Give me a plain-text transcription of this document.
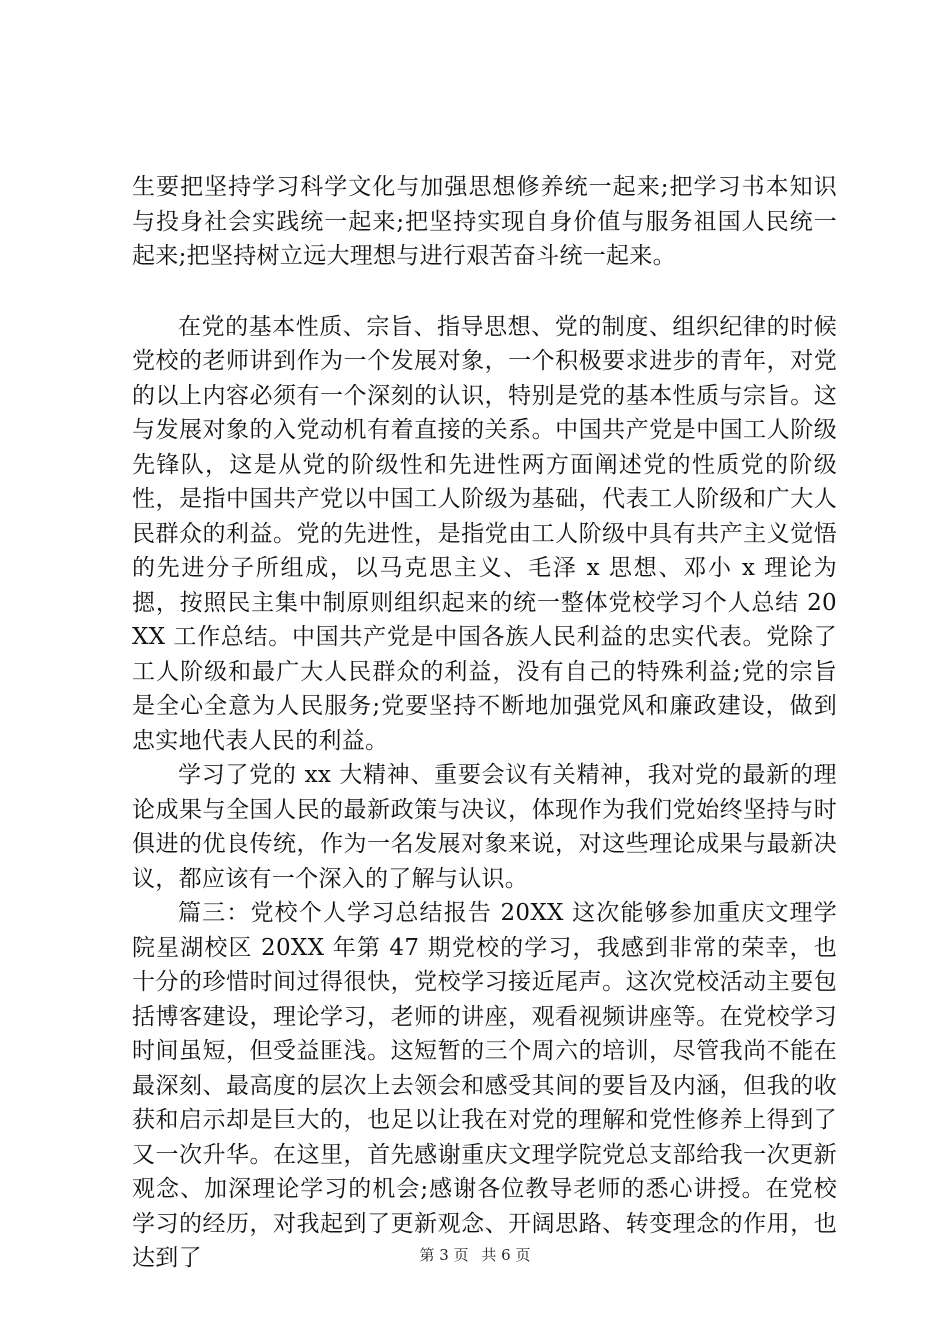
生要把坚持学习科学文化与加强思想修养统一起来;把学习书本知识与投身社会实践统一起来;把坚持实现自身价值与服务祖国人民统一起来;把坚持树立远大理想与进行艰苦奋斗统一起来。

在党的基本性质、宗旨、指导思想、党的制度、组织纪律的时候党校的老师讲到作为一个发展对象，一个积极要求进步的青年，对党的以上内容必须有一个深刻的认识，特别是党的基本性质与宗旨。这与发展对象的入党动机有着直接的关系。中国共产党是中国工人阶级先锋队，这是从党的阶级性和先进性两方面阐述党的性质党的阶级性，是指中国共产党以中国工人阶级为基础，代表工人阶级和广大人民群众的利益。党的先进性，是指党由工人阶级中具有共产主义觉悟的先进分子所组成，以马克思主义、毛泽 x 思想、邓小 x 理论为摁，按照民主集中制原则组织起来的统一整体党校学习个人总结 20XX 工作总结。中国共产党是中国各族人民利益的忠实代表。党除了工人阶级和最广大人民群众的利益，没有自己的特殊利益;党的宗旨是全心全意为人民服务;党要坚持不断地加强党风和廉政建设，做到忠实地代表人民的利益。

学习了党的 xx 大精神、重要会议有关精神，我对党的最新的理论成果与全国人民的最新政策与决议，体现作为我们党始终坚持与时俱进的优良传统，作为一名发展对象来说，对这些理论成果与最新决议，都应该有一个深入的了解与认识。

篇三：党校个人学习总结报告 20XX 这次能够参加重庆文理学院星湖校区 20XX 年第 47 期党校的学习，我感到非常的荣幸，也十分的珍惜时间过得很快，党校学习接近尾声。这次党校活动主要包括博客建设，理论学习，老师的讲座，观看视频讲座等。在党校学习时间虽短，但受益匪浅。这短暂的三个周六的培训，尽管我尚不能在最深刻、最高度的层次上去领会和感受其间的要旨及内涵，但我的收获和启示却是巨大的，也足以让我在对党的理解和党性修养上得到了又一次升华。在这里，首先感谢重庆文理学院党总支部给我一次更新观念、加深理论学习的机会;感谢各位教导老师的悉心讲授。在党校学习的经历，对我起到了更新观念、开阔思路、转变理念的作用，也达到了	第 3 页 共 6 页
